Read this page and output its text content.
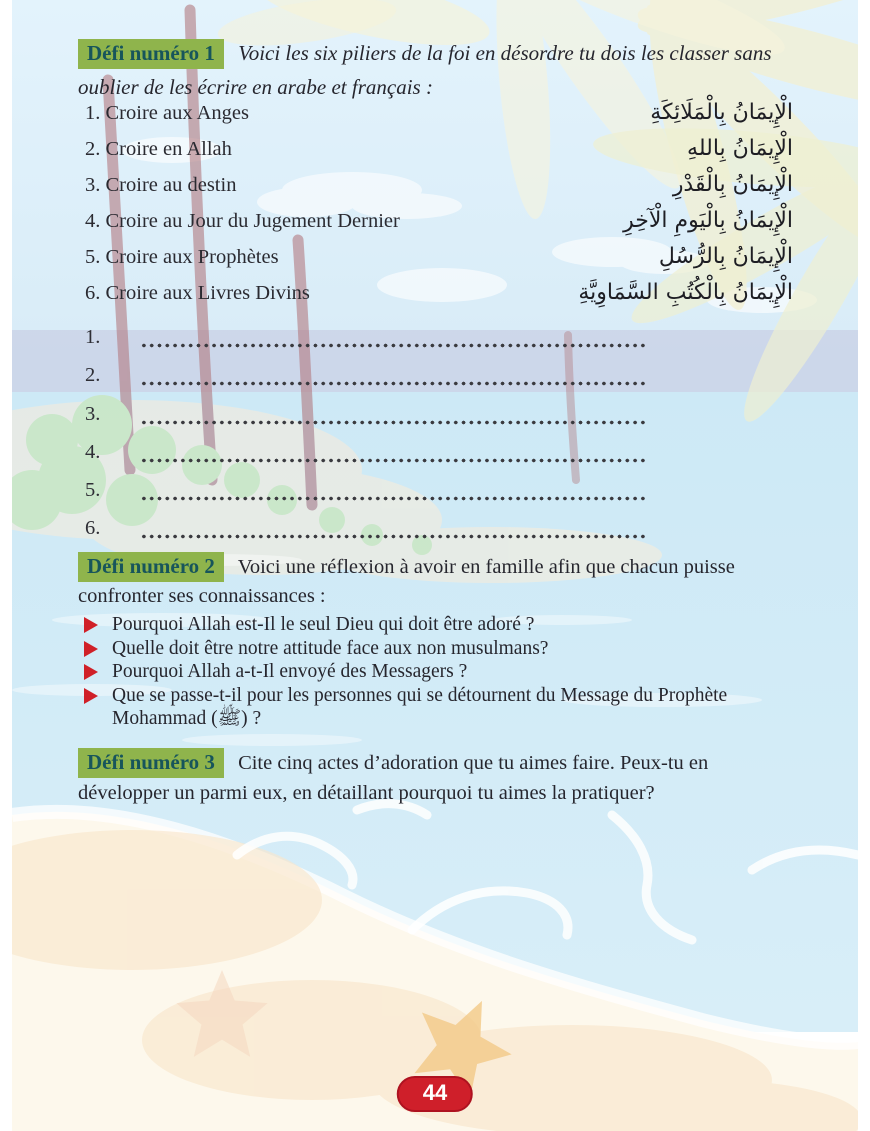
Défi numéro 1 Voici les six piliers de la foi en désordre tu dois les classer sans oublier de les écrire en arabe et français :

1. Croire aux Anges	الْإِيمَانُ بِالْمَلَائِكَةِ
2. Croire en Allah	الْإِيمَانُ بِاللهِ
3. Croire au destin	الْإِيمَانُ بِالْقَدْرِ
4. Croire au Jour du Jugement Dernier	الْإِيمَانُ بِالْيَومِ الْآخِرِ
5. Croire aux Prophètes	الْإِيمَانُ بِالرُّسُلِ
6. Croire aux Livres Divins	الْإِيمَانُ بِالْكُتُبِ السَّمَاوِيَّةِ
1.
2.
3.
4.
5.
6.

Défi numéro 2 Voici une réflexion à avoir en famille afin que chacun puisse confronter ses connaissances :

Pourquoi Allah est-Il le seul Dieu qui doit être adoré ?
Quelle doit être notre attitude face aux non musulmans?
Pourquoi Allah a-t-Il envoyé des Messagers ?
Que se passe-t-il pour les personnes qui se détournent du Message du Prophète Mohammad (ﷺ) ?

Défi numéro 3 Cite cinq actes d’adoration que tu aimes faire. Peux-tu en développer un parmi eux, en détaillant pourquoi tu aimes la pratiquer?

44
